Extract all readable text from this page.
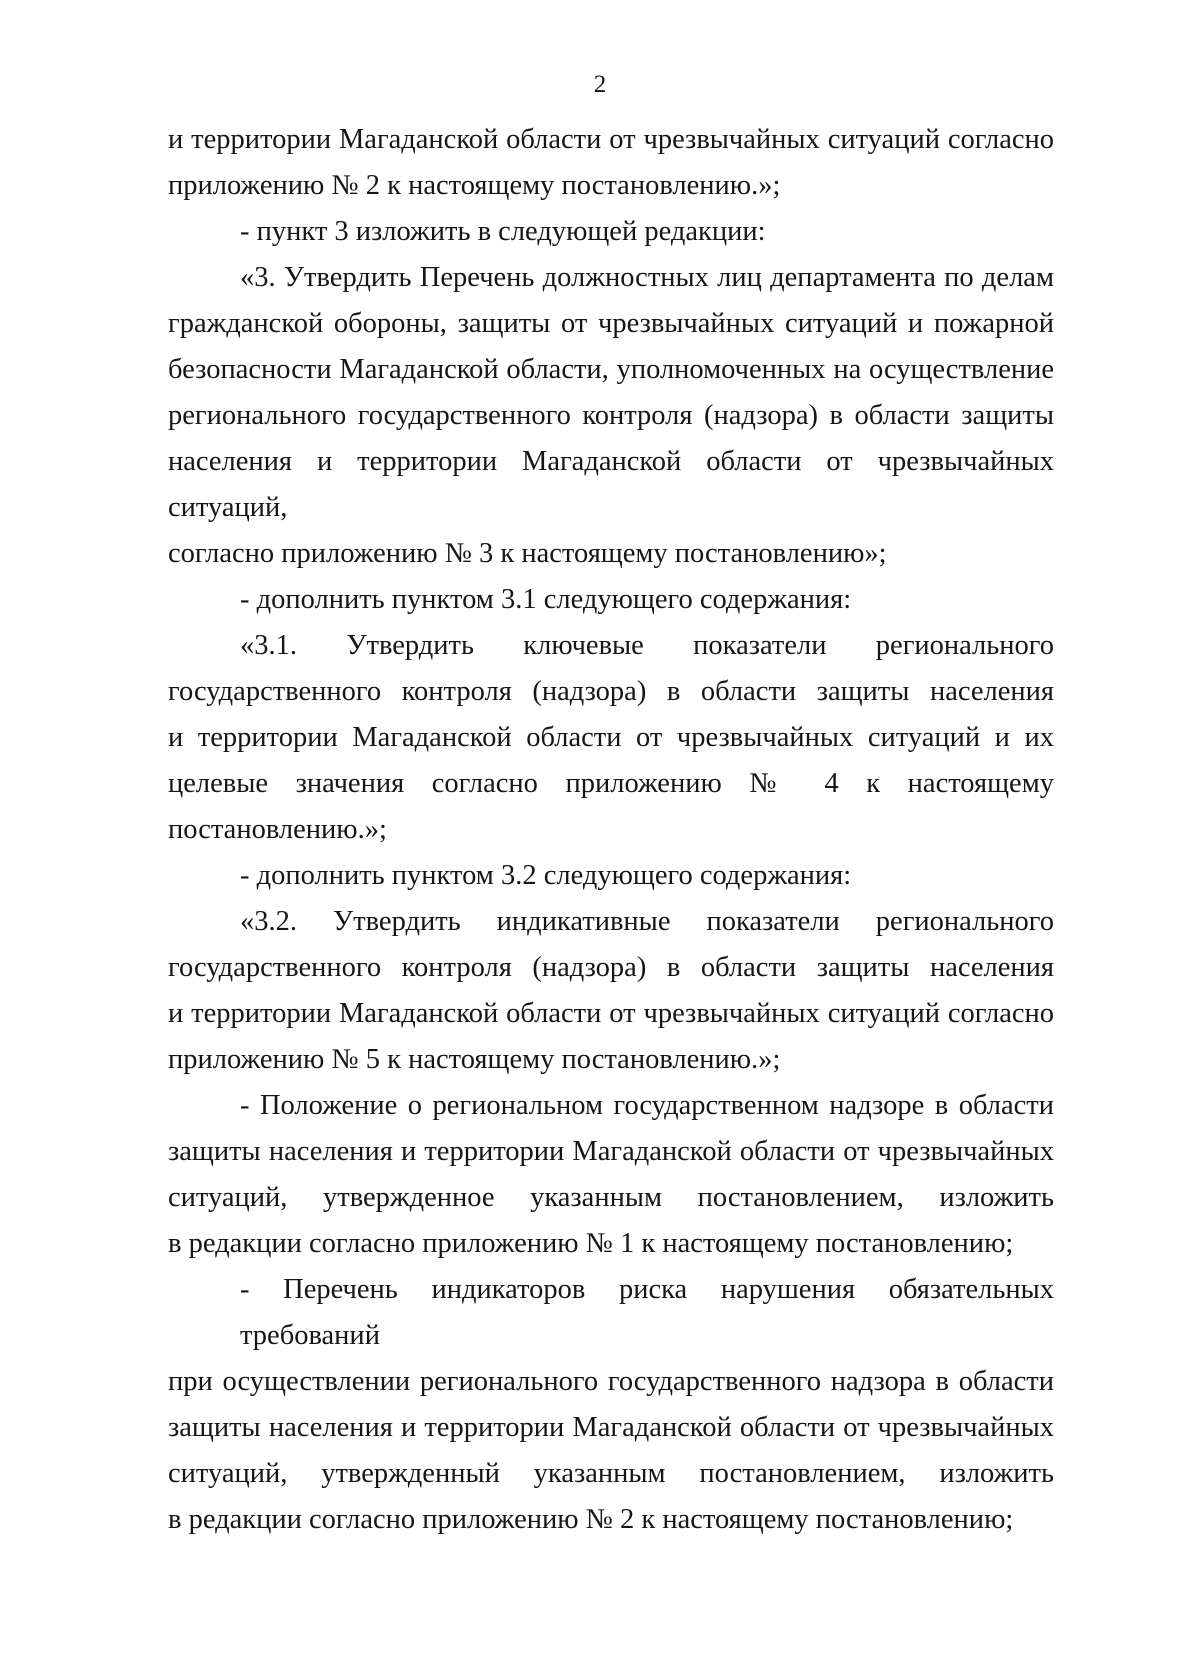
2
и территории Магаданской области от чрезвычайных ситуаций согласно
приложению № 2 к настоящему постановлению.»;
- пункт 3 изложить в следующей редакции:
«3. Утвердить Перечень должностных лиц департамента по делам
гражданской обороны, защиты от чрезвычайных ситуаций и пожарной
безопасности Магаданской области, уполномоченных на осуществление
регионального государственного контроля (надзора) в области защиты
населения и территории Магаданской области от чрезвычайных ситуаций,
согласно приложению № 3 к настоящему постановлению»;
- дополнить пунктом 3.1 следующего содержания:
«3.1. Утвердить ключевые показатели регионального
государственного контроля (надзора) в области защиты населения
и территории Магаданской области от чрезвычайных ситуаций и их
целевые значения согласно приложению № 4 к настоящему
постановлению.»;
- дополнить пунктом 3.2 следующего содержания:
«3.2. Утвердить индикативные показатели регионального
государственного контроля (надзора) в области защиты населения
и территории Магаданской области от чрезвычайных ситуаций согласно
приложению № 5 к настоящему постановлению.»;
- Положение о региональном государственном надзоре в области
защиты населения и территории Магаданской области от чрезвычайных
ситуаций, утвержденное указанным постановлением, изложить
в редакции согласно приложению № 1 к настоящему постановлению;
- Перечень индикаторов риска нарушения обязательных требований
при осуществлении регионального государственного надзора в области
защиты населения и территории Магаданской области от чрезвычайных
ситуаций, утвержденный указанным постановлением, изложить
в редакции согласно приложению № 2 к настоящему постановлению;
